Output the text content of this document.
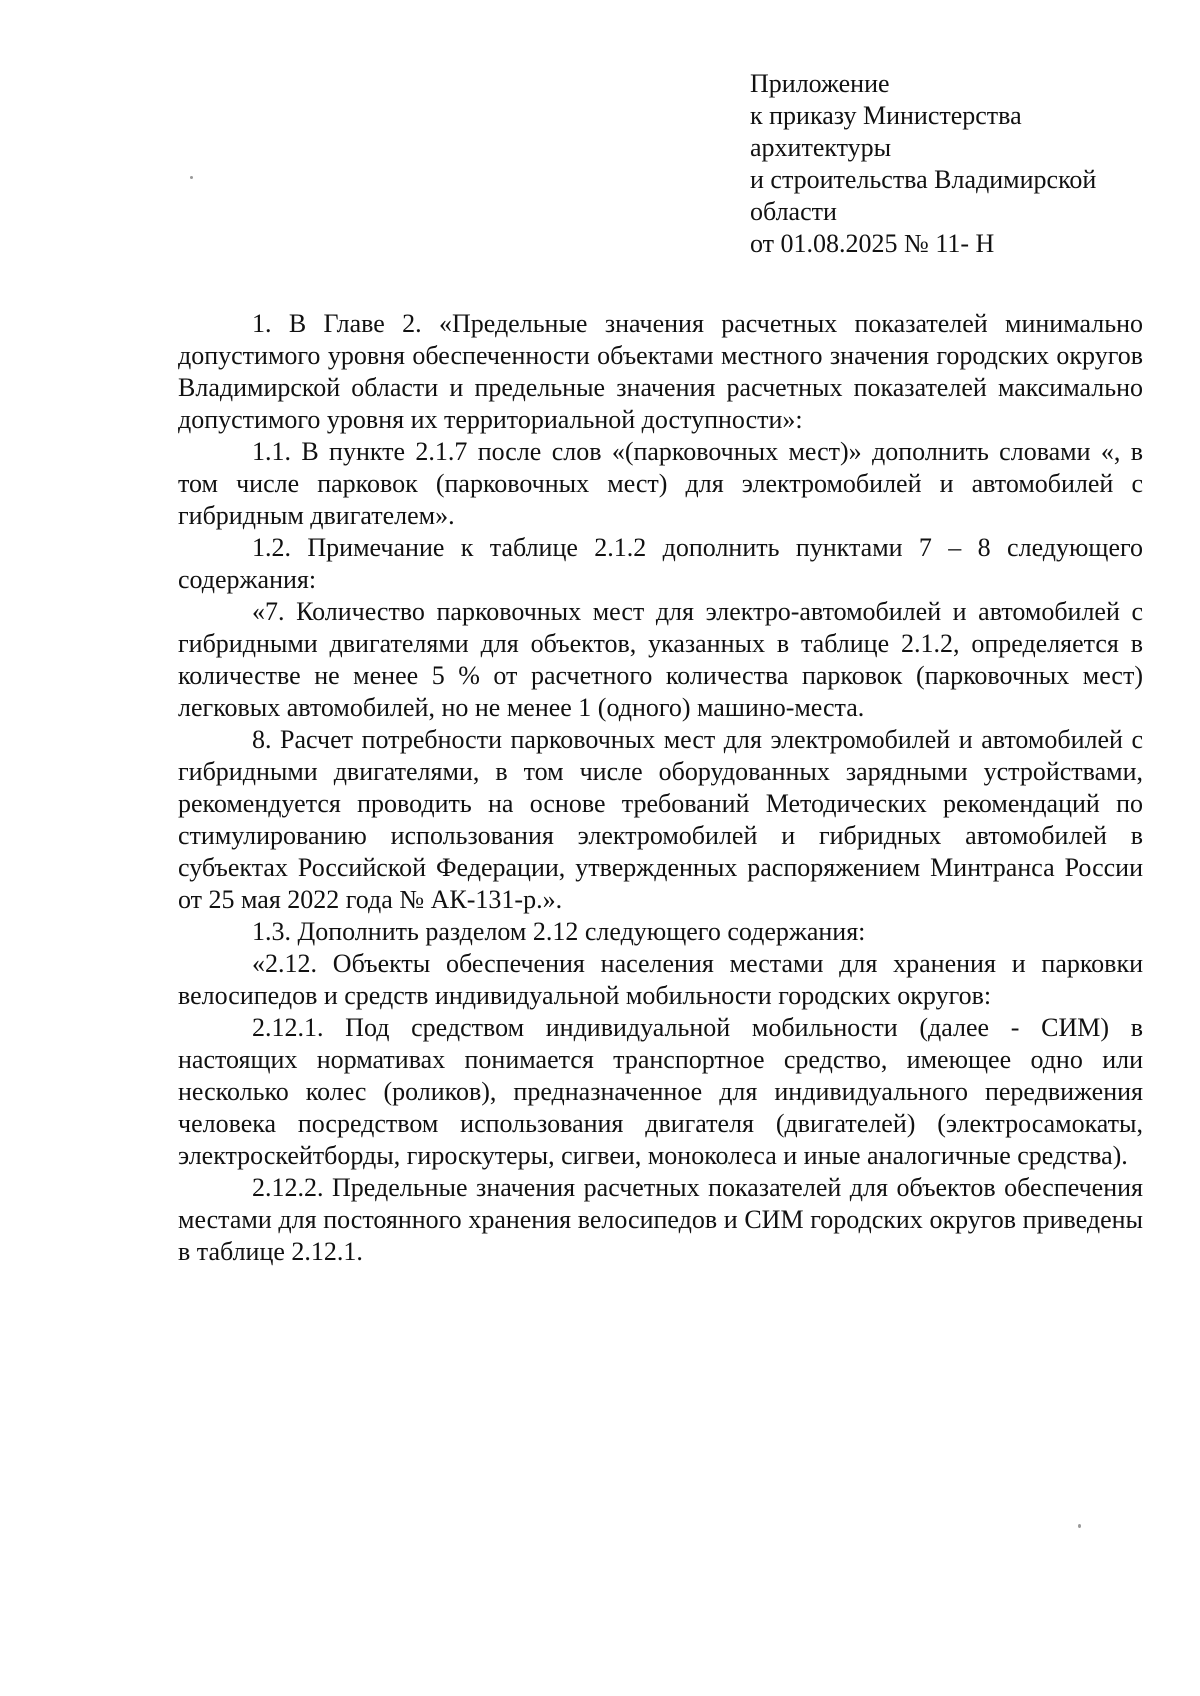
Приложение
к приказу Министерства
архитектуры
и строительства Владимирской
области
от 01.08.2025 № 11- Н

1. В Главе 2. «Предельные значения расчетных показателей минимально допустимого уровня обеспеченности объектами местного значения городских округов Владимирской области и предельные значения расчетных показателей максимально допустимого уровня их территориальной доступности»:

1.1. В пункте 2.1.7 после слов «(парковочных мест)» дополнить словами «, в том числе парковок (парковочных мест) для электромобилей и автомобилей с гибридным двигателем».

1.2. Примечание к таблице 2.1.2 дополнить пунктами 7 – 8 следующего содержания:

«7. Количество парковочных мест для электро-автомобилей и автомобилей с гибридными двигателями для объектов, указанных в таблице 2.1.2, определяется в количестве не менее 5 % от расчетного количества парковок (парковочных мест) легковых автомобилей, но не менее 1 (одного) машино-места.

8. Расчет потребности парковочных мест для электромобилей и автомобилей с гибридными двигателями, в том числе оборудованных зарядными устройствами, рекомендуется проводить на основе требований Методических рекомендаций по стимулированию использования электромобилей и гибридных автомобилей в субъектах Российской Федерации, утвержденных распоряжением Минтранса России от 25 мая 2022 года № АК-131-р.».

1.3. Дополнить разделом 2.12 следующего содержания:

«2.12. Объекты обеспечения населения местами для хранения и парковки велосипедов и средств индивидуальной мобильности городских округов:

2.12.1. Под средством индивидуальной мобильности (далее - СИМ) в настоящих нормативах понимается транспортное средство, имеющее одно или несколько колес (роликов), предназначенное для индивидуального передвижения человека посредством использования двигателя (двигателей) (электросамокаты, электроскейтборды, гироскутеры, сигвеи, моноколеса и иные аналогичные средства).

2.12.2. Предельные значения расчетных показателей для объектов обеспечения местами для постоянного хранения велосипедов и СИМ городских округов приведены в таблице 2.12.1.
